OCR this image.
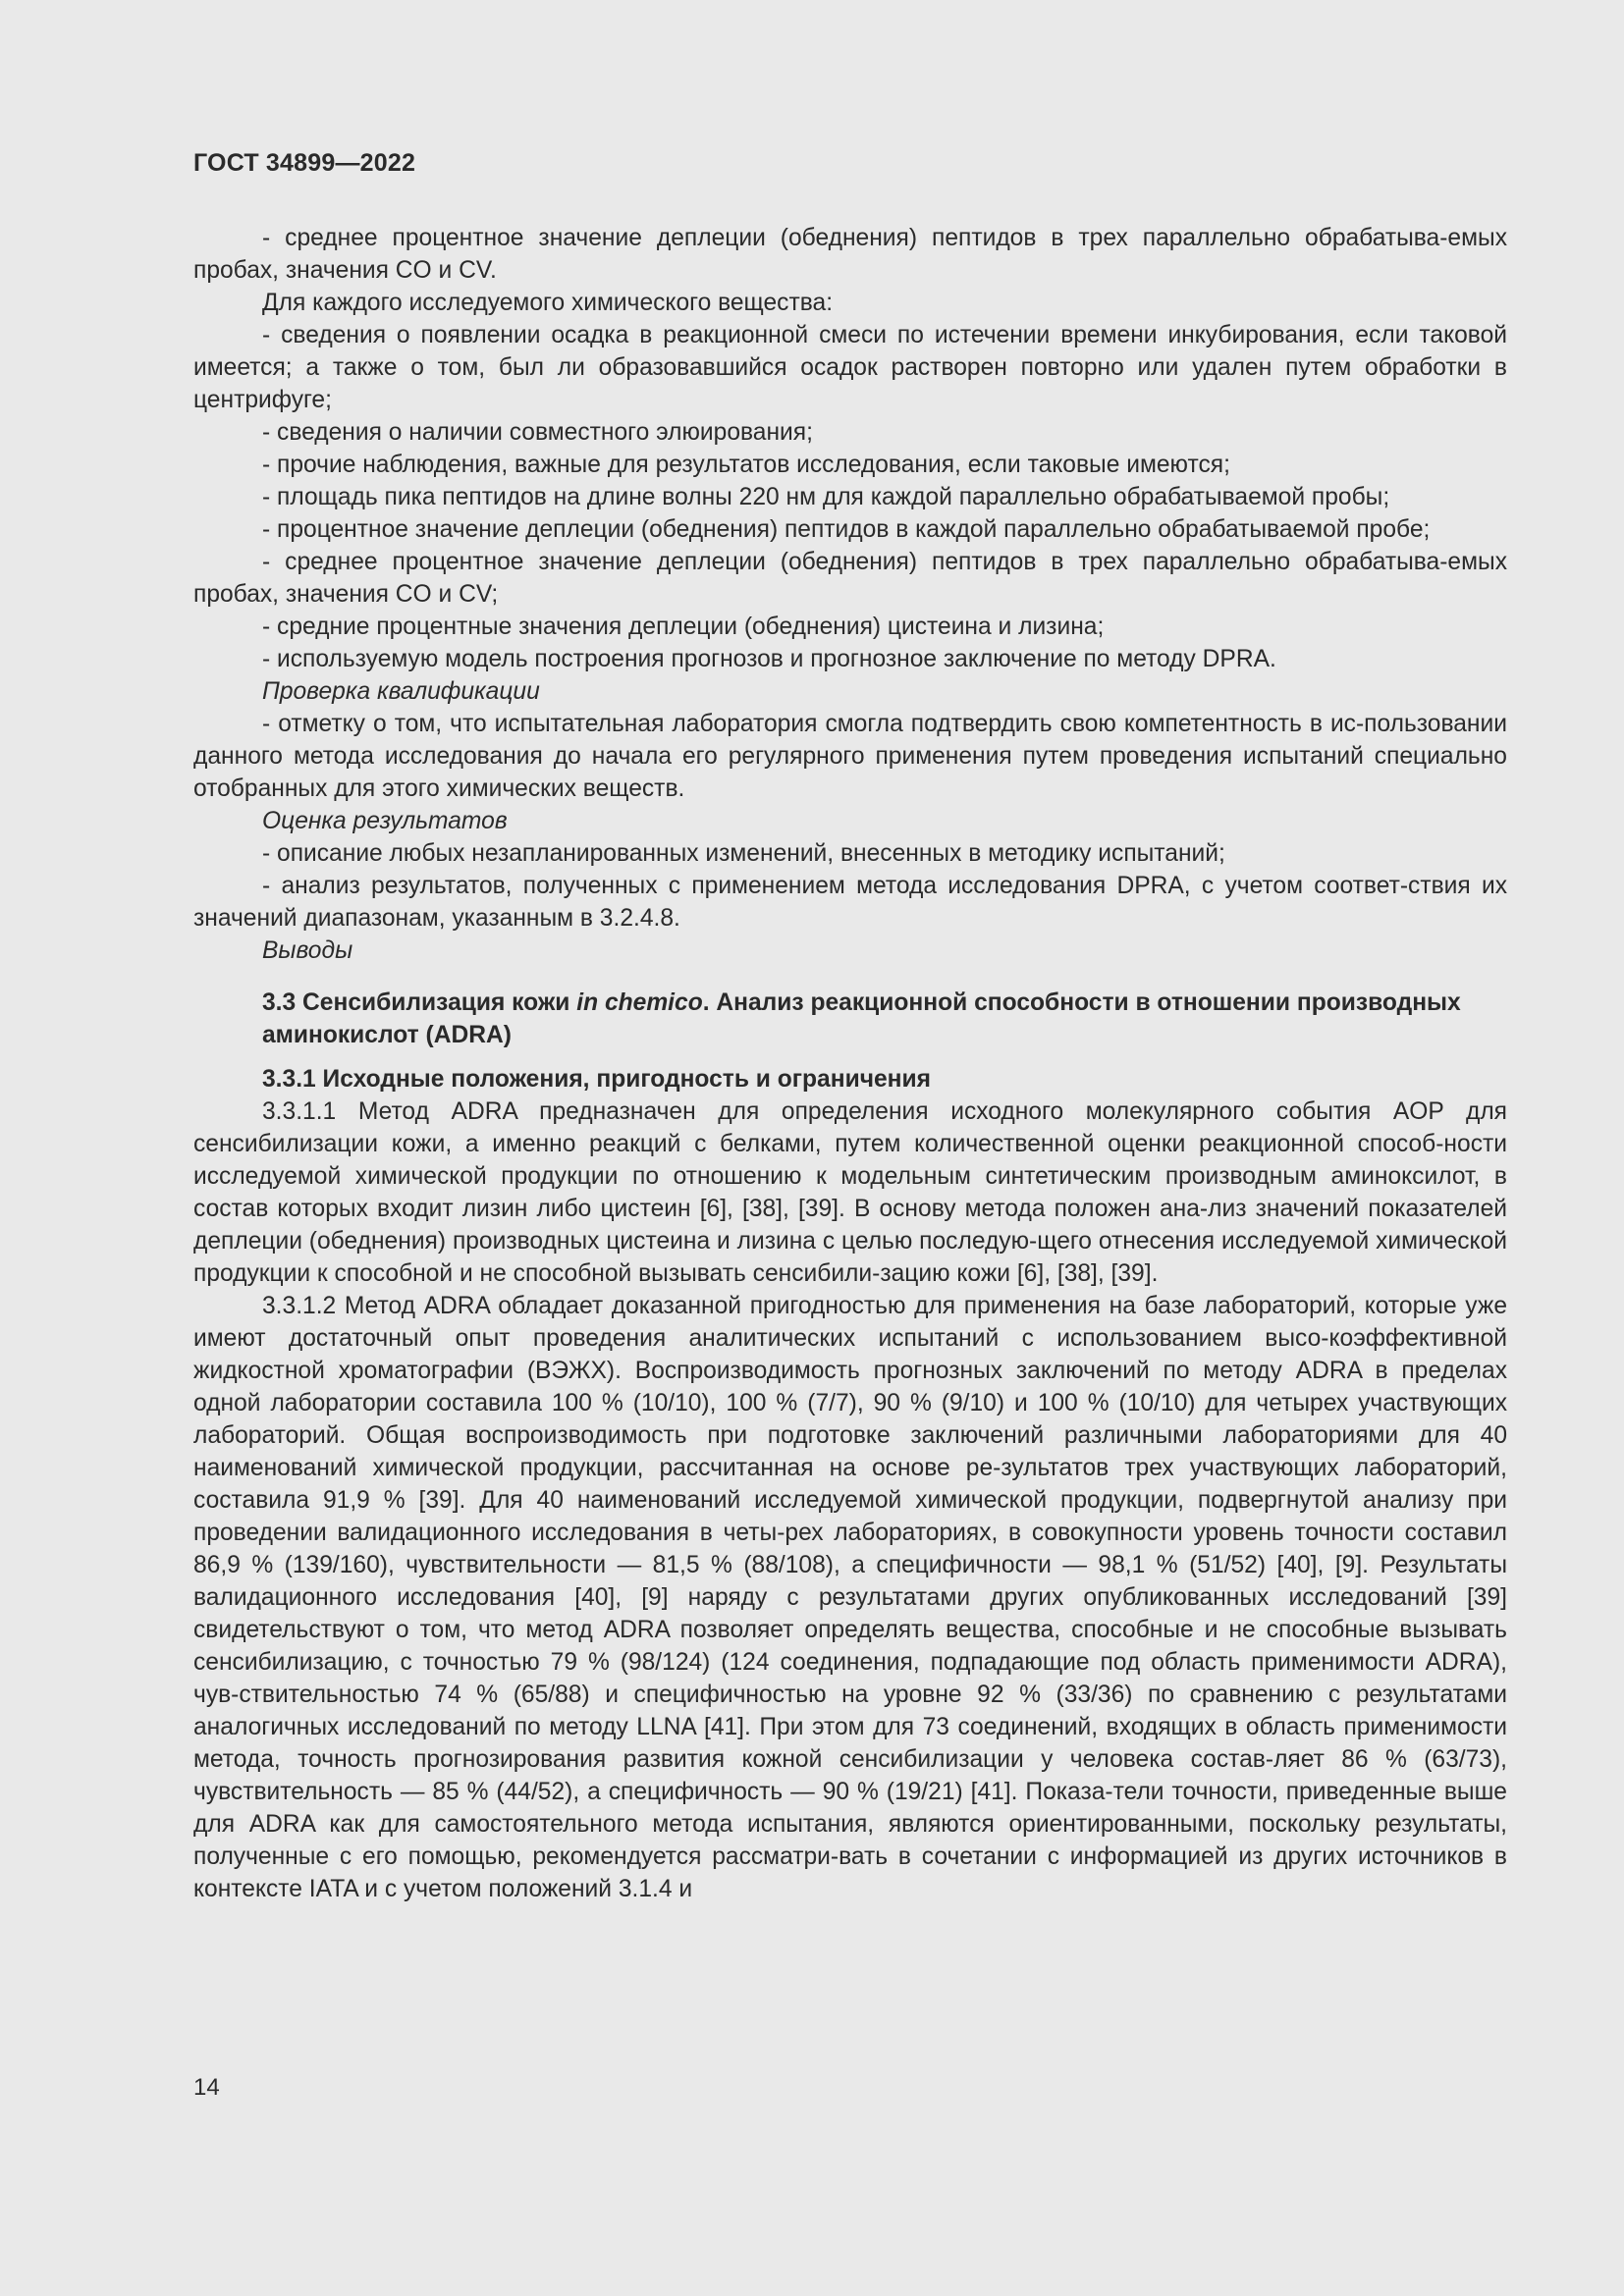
ГОСТ 34899—2022

- среднее процентное значение деплеции (обеднения) пептидов в трех параллельно обрабатыва-емых пробах, значения CO и CV.

Для каждого исследуемого химического вещества:

- сведения о появлении осадка в реакционной смеси по истечении времени инкубирования, если таковой имеется; а также о том, был ли образовавшийся осадок растворен повторно или удален путем обработки в центрифуге;

- сведения о наличии совместного элюирования;

- прочие наблюдения, важные для результатов исследования, если таковые имеются;

- площадь пика пептидов на длине волны 220 нм для каждой параллельно обрабатываемой пробы;

- процентное значение деплеции (обеднения) пептидов в каждой параллельно обрабатываемой пробе;

- среднее процентное значение деплеции (обеднения) пептидов в трех параллельно обрабатыва-емых пробах, значения CO и CV;

- средние процентные значения деплеции (обеднения) цистеина и лизина;

- используемую модель построения прогнозов и прогнозное заключение по методу DPRA.

Проверка квалификации

- отметку о том, что испытательная лаборатория смогла подтвердить свою компетентность в ис-пользовании данного метода исследования до начала его регулярного применения путем проведения испытаний специально отобранных для этого химических веществ.

Оценка результатов

- описание любых незапланированных изменений, внесенных в методику испытаний;

- анализ результатов, полученных с применением метода исследования DPRA, с учетом соответ-ствия их значений диапазонам, указанным в 3.2.4.8.

Выводы

3.3 Сенсибилизация кожи in chemico. Анализ реакционной способности в отношении производных аминокислот (ADRA)

3.3.1 Исходные положения, пригодность и ограничения

3.3.1.1 Метод ADRA предназначен для определения исходного молекулярного события AOP для сенсибилизации кожи, а именно реакций с белками, путем количественной оценки реакционной способ-ности исследуемой химической продукции по отношению к модельным синтетическим производным аминоксилот, в состав которых входит лизин либо цистеин [6], [38], [39]. В основу метода положен ана-лиз значений показателей деплеции (обеднения) производных цистеина и лизина с целью последую-щего отнесения исследуемой химической продукции к способной и не способной вызывать сенсибили-зацию кожи [6], [38], [39].

3.3.1.2 Метод ADRA обладает доказанной пригодностью для применения на базе лабораторий, которые уже имеют достаточный опыт проведения аналитических испытаний с использованием высо-коэффективной жидкостной хроматографии (ВЭЖХ). Воспроизводимость прогнозных заключений по методу ADRA в пределах одной лаборатории составила 100 % (10/10), 100 % (7/7), 90 % (9/10) и 100 % (10/10) для четырех участвующих лабораторий. Общая воспроизводимость при подготовке заключений различными лабораториями для 40 наименований химической продукции, рассчитанная на основе ре-зультатов трех участвующих лабораторий, составила 91,9 % [39]. Для 40 наименований исследуемой химической продукции, подвергнутой анализу при проведении валидационного исследования в четы-рех лабораториях, в совокупности уровень точности составил 86,9 % (139/160), чувствительности — 81,5 % (88/108), а специфичности — 98,1 % (51/52) [40], [9]. Результаты валидационного исследования [40], [9] наряду с результатами других опубликованных исследований [39] свидетельствуют о том, что метод ADRA позволяет определять вещества, способные и не способные вызывать сенсибилизацию, с точностью 79 % (98/124) (124 соединения, подпадающие под область применимости ADRA), чув-ствительностью 74 % (65/88) и специфичностью на уровне 92 % (33/36) по сравнению с результатами аналогичных исследований по методу LLNA [41]. При этом для 73 соединений, входящих в область применимости метода, точность прогнозирования развития кожной сенсибилизации у человека состав-ляет 86 % (63/73), чувствительность — 85 % (44/52), а специфичность — 90 % (19/21) [41]. Показа-тели точности, приведенные выше для ADRA как для самостоятельного метода испытания, являются ориентированными, поскольку результаты, полученные с его помощью, рекомендуется рассматри-вать в сочетании с информацией из других источников в контексте IATA и с учетом положений 3.1.4 и

14
